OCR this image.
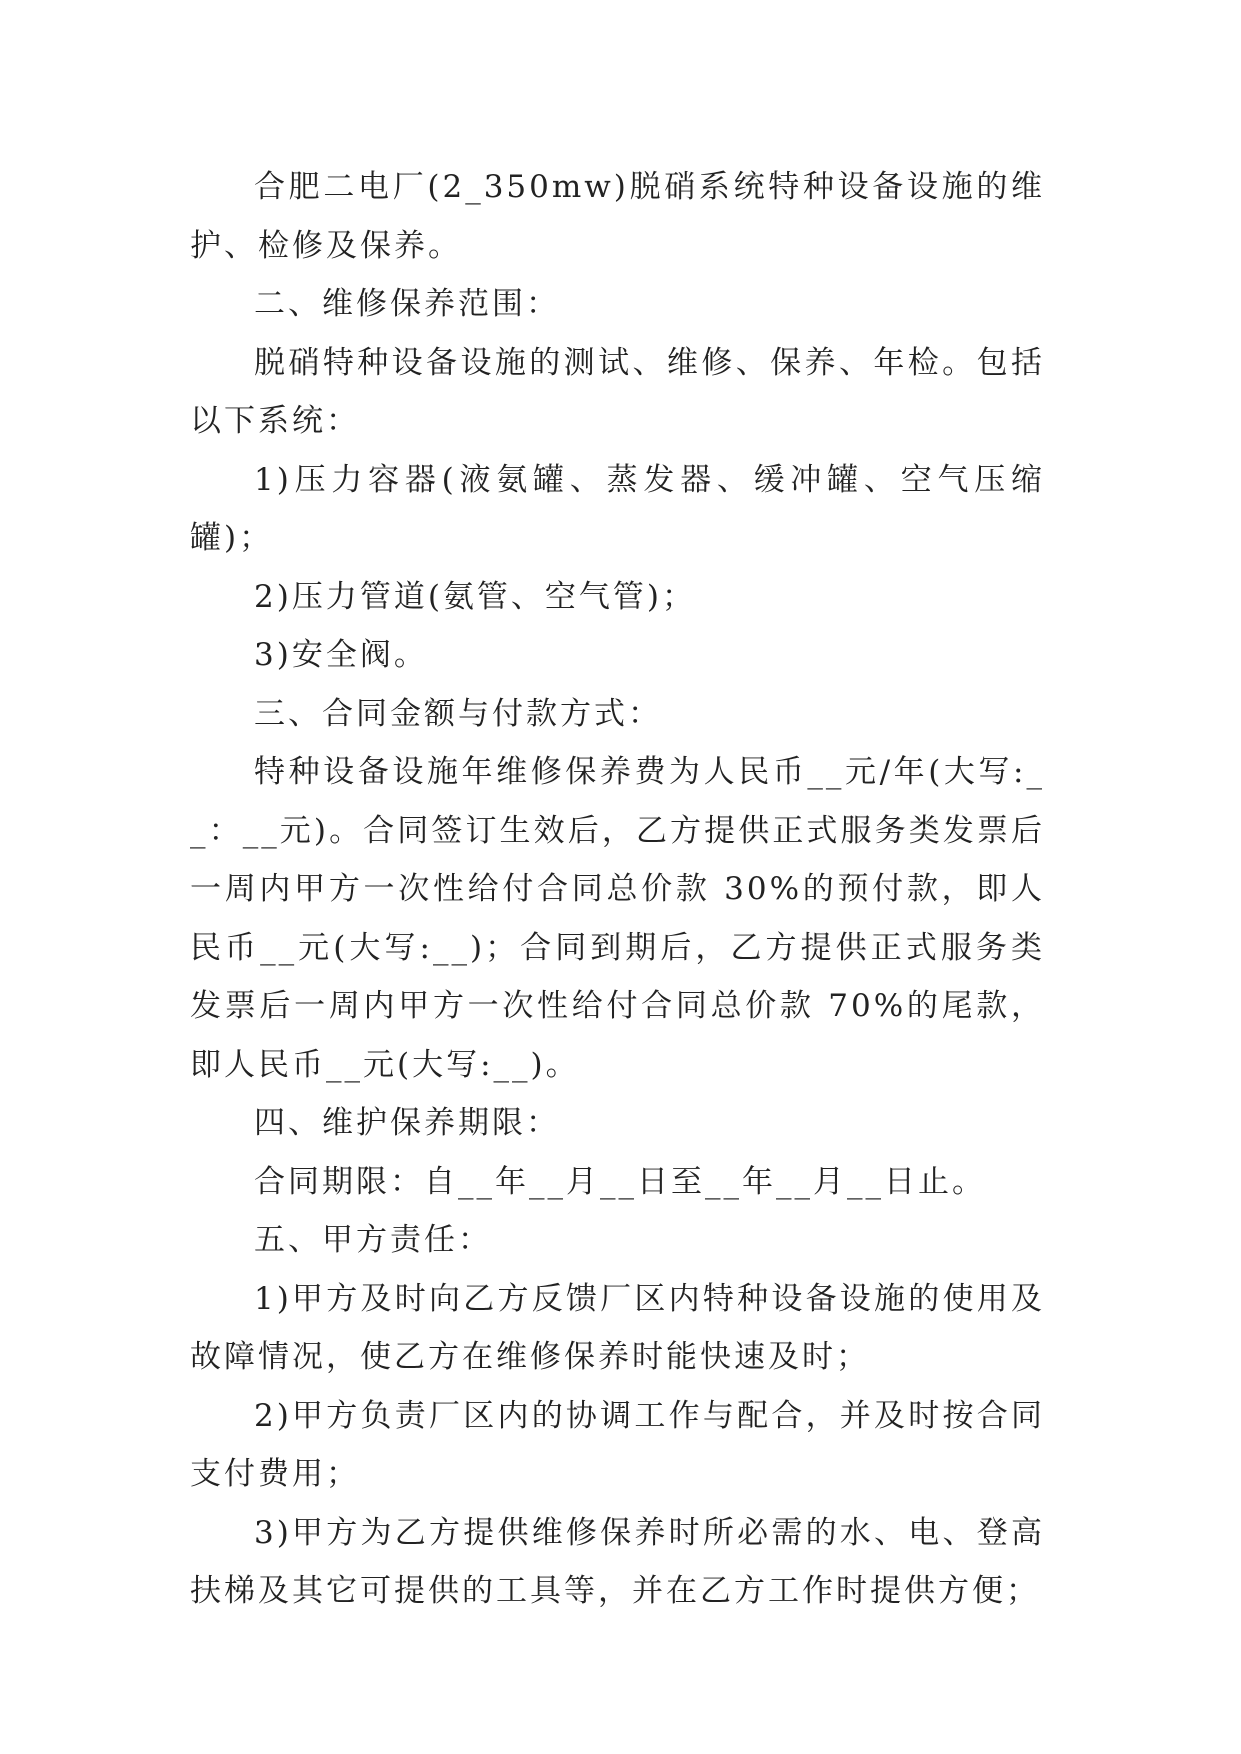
合肥二电厂(2_350mw)脱硝系统特种设备设施的维护、检修及保养。

二、维修保养范围：

脱硝特种设备设施的测试、维修、保养、年检。包括以下系统：

1)压力容器(液氨罐、蒸发器、缓冲罐、空气压缩罐)；

2)压力管道(氨管、空气管)；

3)安全阀。

三、合同金额与付款方式：

特种设备设施年维修保养费为人民币__元/年(大写:__：__元)。合同签订生效后，乙方提供正式服务类发票后一周内甲方一次性给付合同总价款 30%的预付款，即人民币__元(大写:__)；合同到期后，乙方提供正式服务类发票后一周内甲方一次性给付合同总价款 70%的尾款，即人民币__元(大写:__)。

四、维护保养期限：

合同期限：自__年__月__日至__年__月__日止。

五、甲方责任：

1)甲方及时向乙方反馈厂区内特种设备设施的使用及故障情况，使乙方在维修保养时能快速及时；

2)甲方负责厂区内的协调工作与配合，并及时按合同支付费用；

3)甲方为乙方提供维修保养时所必需的水、电、登高扶梯及其它可提供的工具等，并在乙方工作时提供方便；
